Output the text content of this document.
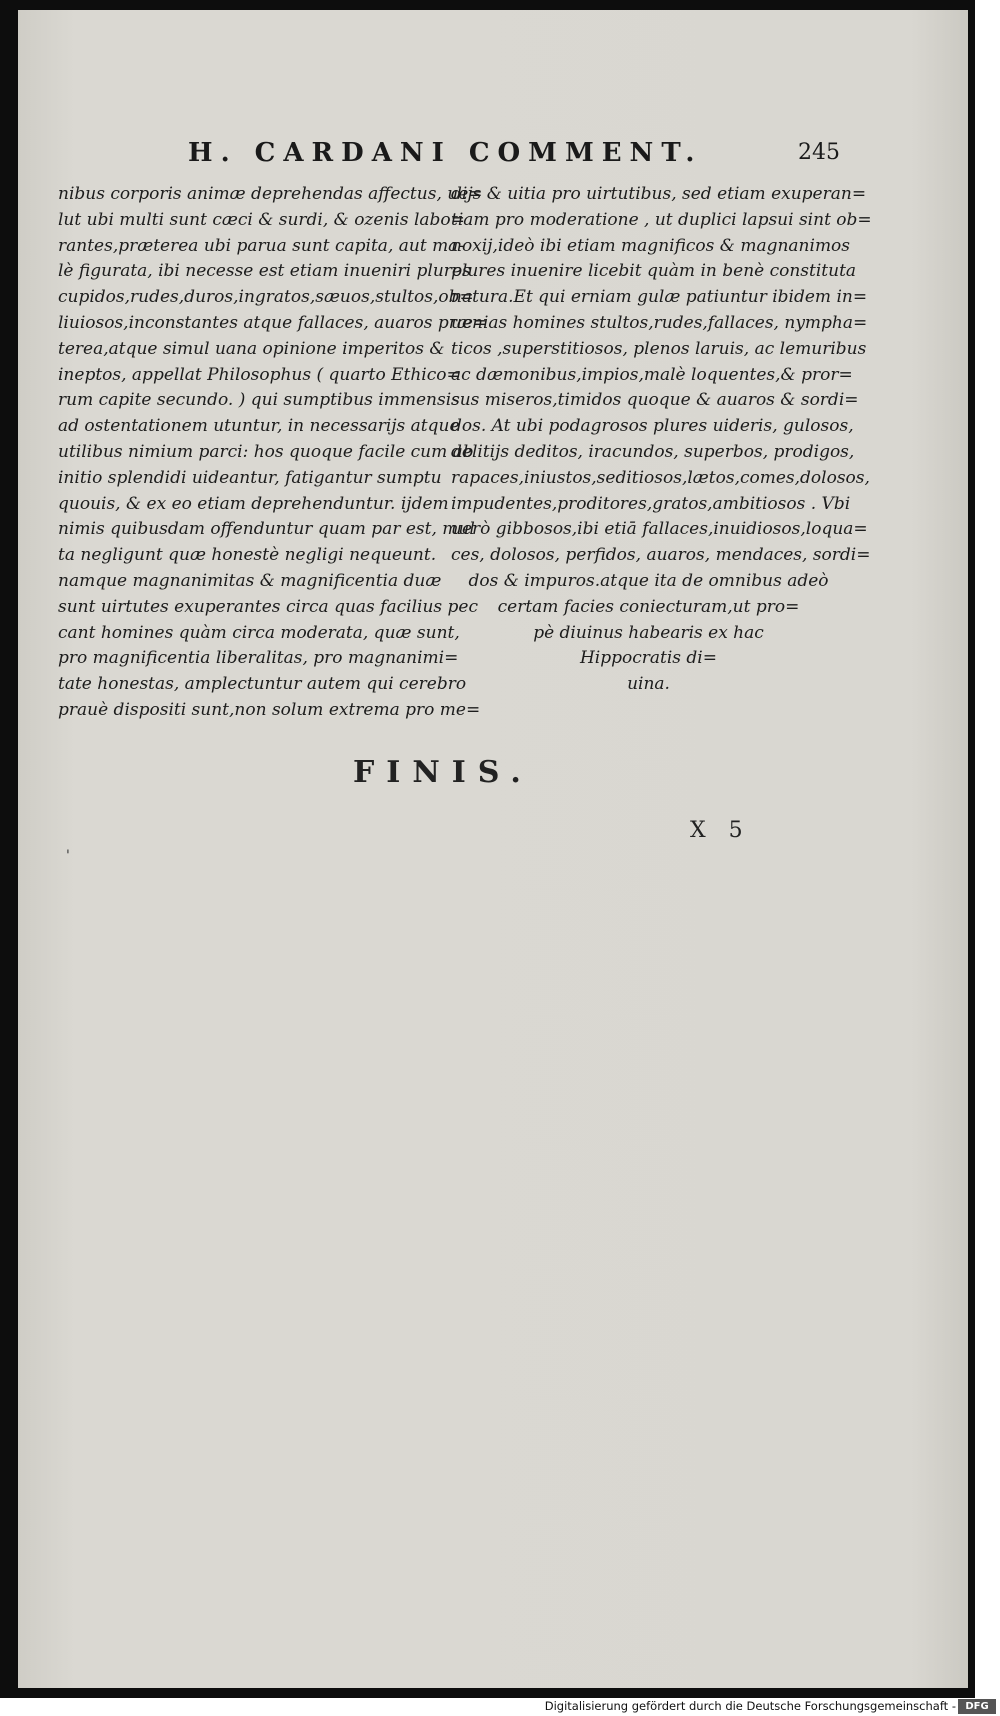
H. CARDANI COMMENT.	245
nibus corporis animæ deprehendas affectus, ue=
lut ubi multi sunt cæci & surdi, & ozenis labo=
rantes,præterea ubi parua sunt capita, aut ma-
lè figurata, ibi necesse est etiam inueniri plures
cupidos,rudes,duros,ingratos,sæuos,stultos,ob=
liuiosos,inconstantes atque fallaces, auaros præ=
terea,atque simul uana opinione imperitos &
ineptos, appellat Philosophus ( quarto Ethico=
rum capite secundo. ) qui sumptibus immensis
ad ostentationem utuntur, in necessarijs atque
utilibus nimium parci: hos quoque facile cum ab
initio splendidi uideantur, fatigantur sumptu
quouis, & ex eo etiam deprehenduntur. ijdem
nimis quibusdam offenduntur quam par est, mul
ta negligunt quæ honestè negligi nequeunt.
namque magnanimitas & magnificentia duæ
sunt uirtutes exuperantes circa quas facilius pec
cant homines quàm circa moderata, quæ sunt,
pro magnificentia liberalitas, pro magnanimi=
tate honestas, amplectuntur autem qui cerebro
prauè dispositi sunt,non solum extrema pro me=
dijs & uitia pro uirtutibus, sed etiam exuperan=
tiam pro moderatione , ut duplici lapsui sint ob=
noxij,ideò ibi etiam magnificos & magnanimos
plures inuenire licebit quàm in benè constituta
natura.Et qui erniam gulæ patiuntur ibidem in=
uenias homines stultos,rudes,fallaces, nympha=
ticos ,superstitiosos, plenos laruis, ac lemuribus
ac dæmonibus,impios,malè loquentes,& pror=
sus miseros,timidos quoque & auaros & sordi=
dos. At ubi podagrosos plures uideris, gulosos,
delitijs deditos, iracundos, superbos, prodigos,
rapaces,iniustos,seditiosos,lætos,comes,dolosos,
impudentes,proditores,gratos,ambitiosos . Vbi
uerò gibbosos,ibi etiā fallaces,inuidiosos,loqua=
ces, dolosos, perfidos, auaros, mendaces, sordi=
dos & impuros.atque ita de omnibus adeò
certam facies coniecturam,ut pro=
pè diuinus habearis ex hac
Hippocratis di=
uina.
FINIS.
X 5
'
Digitalisierung gefördert durch die Deutsche Forschungsgemeinschaft - DFG
